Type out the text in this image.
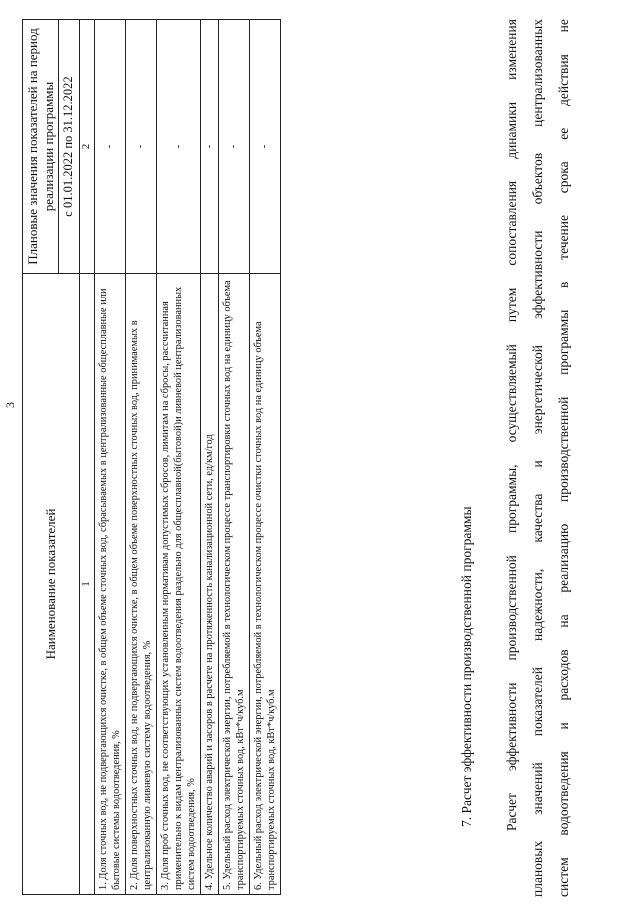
3
Наименование показателей	Плановые значения показателей на период реализации программы
	с 01.01.2022 по 31.12.2022
1	2
1. Доля сточных вод, не подвергающихся очистке, в общем объеме сточных вод, сбрасываемых в централизованные общесплавные или бытовые системы водоотведения, %	-
2. Доля поверхностных сточных вод, не подвергающихся очистке, в общем объеме поверхностных сточных вод, принимаемых в централизованную ливневую систему водоотведения, %	-
3. Доля проб сточных вод, не соответствующих установленным нормативам допустимых сбросов, лимитам на сбросы, рассчитанная применительно к видам централизованных систем водоотведения раздельно для общесплавной(бытовой)и ливневой централизованных систем водоотведения, %	-
4. Удельное количество аварий и засоров в расчете на протяженность канализационной сети, ед/км/год	-
5. Удельный расход электрической энергии, потребляемой в технологическом процессе транспортировки сточных вод на единицу объема транспортируемых сточных вод, кВт*ч/куб.м	-
6. Удельный расход электрической энергии, потребляемой в технологическом процессе очистки сточных вод на единицу объема транспортируемых сточных вод, кВт*ч/куб.м	-
7. Расчет эффективности производственной программы Расчет
эффективности
производственной
программы,
осуществляемый
путем
сопоставления
динамики
изменения
плановых
значений
показателей
надежности,
качества
и
энергетической
эффективности
объектов
централизованных
систем
водоотведения
и
расходов
на
реализацию
производственной
программы
в
течение
срока
ее
действия
не
